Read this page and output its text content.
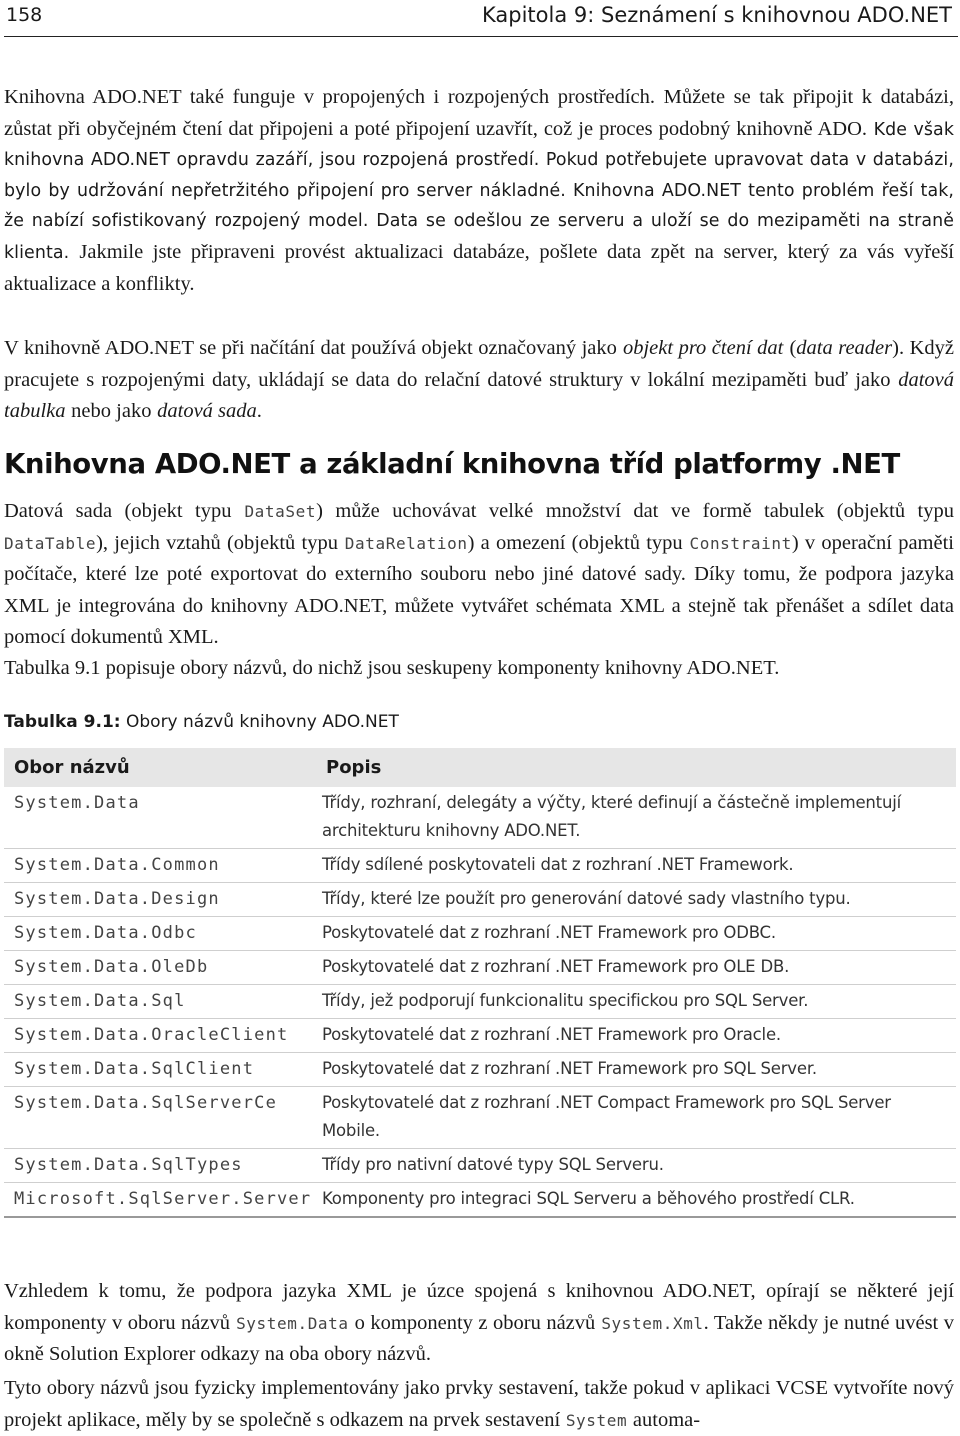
158	Kapitola 9: Seznámení s knihovnou ADO.NET

Knihovna ADO.NET také funguje v propojených i rozpojených prostředích. Můžete se tak připojit k databázi, zůstat při obyčejném čtení dat připojeni a poté připojení uzavřít, což je proces podobný knihovně ADO. Kde však knihovna ADO.NET opravdu zazáří, jsou rozpojená prostředí. Pokud potřebujete upravovat data v databázi, bylo by udržování nepřetržitého připojení pro server nákladné. Knihovna ADO.NET tento problém řeší tak, že nabízí sofistikovaný rozpojený model. Data se odešlou ze serveru a uloží se do mezipaměti na straně klienta. Jakmile jste připraveni provést aktualizaci databáze, pošlete data zpět na server, který za vás vyřeší aktualizace a konflikty.

V knihovně ADO.NET se při načítání dat používá objekt označovaný jako objekt pro čtení dat (data reader). Když pracujete s rozpojenými daty, ukládají se data do relační datové struktury v lokální mezipaměti buď jako datová tabulka nebo jako datová sada.

Knihovna ADO.NET a základní knihovna tříd platformy .NET

Datová sada (objekt typu DataSet) může uchovávat velké množství dat ve formě tabulek (objektů typu DataTable), jejich vztahů (objektů typu DataRelation) a omezení (objektů typu Constraint) v operační paměti počítače, které lze poté exportovat do externího souboru nebo jiné datové sady. Díky tomu, že podpora jazyka XML je integrována do knihovny ADO.NET, můžete vytvářet schémata XML a stejně tak přenášet a sdílet data pomocí dokumentů XML.

Tabulka 9.1 popisuje obory názvů, do nichž jsou seskupeny komponenty knihovny ADO.NET.

Tabulka 9.1: Obory názvů knihovny ADO.NET
Obor názvů	Popis
System.Data	Třídy, rozhraní, delegáty a výčty, které definují a částečně implementují architekturu knihovny ADO.NET.
System.Data.Common	Třídy sdílené poskytovateli dat z rozhraní .NET Framework.
System.Data.Design	Třídy, které lze použít pro generování datové sady vlastního typu.
System.Data.Odbc	Poskytovatelé dat z rozhraní .NET Framework pro ODBC.
System.Data.OleDb	Poskytovatelé dat z rozhraní .NET Framework pro OLE DB.
System.Data.Sql	Třídy, jež podporují funkcionalitu specifickou pro SQL Server.
System.Data.OracleClient	Poskytovatelé dat z rozhraní .NET Framework pro Oracle.
System.Data.SqlClient	Poskytovatelé dat z rozhraní .NET Framework pro SQL Server.
System.Data.SqlServerCe	Poskytovatelé dat z rozhraní .NET Compact Framework pro SQL Server Mobile.
System.Data.SqlTypes	Třídy pro nativní datové typy SQL Serveru.
Microsoft.SqlServer.Server	Komponenty pro integraci SQL Serveru a běhového prostředí CLR.

Vzhledem k tomu, že podpora jazyka XML je úzce spojená s knihovnou ADO.NET, opírají se některé její komponenty v oboru názvů System.Data o komponenty z oboru názvů System.Xml. Takže někdy je nutné uvést v okně Solution Explorer odkazy na oba obory názvů.

Tyto obory názvů jsou fyzicky implementovány jako prvky sestavení, takže pokud v aplikaci VCSE vytvoříte nový projekt aplikace, měly by se společně s odkazem na prvek sestavení System automa-
